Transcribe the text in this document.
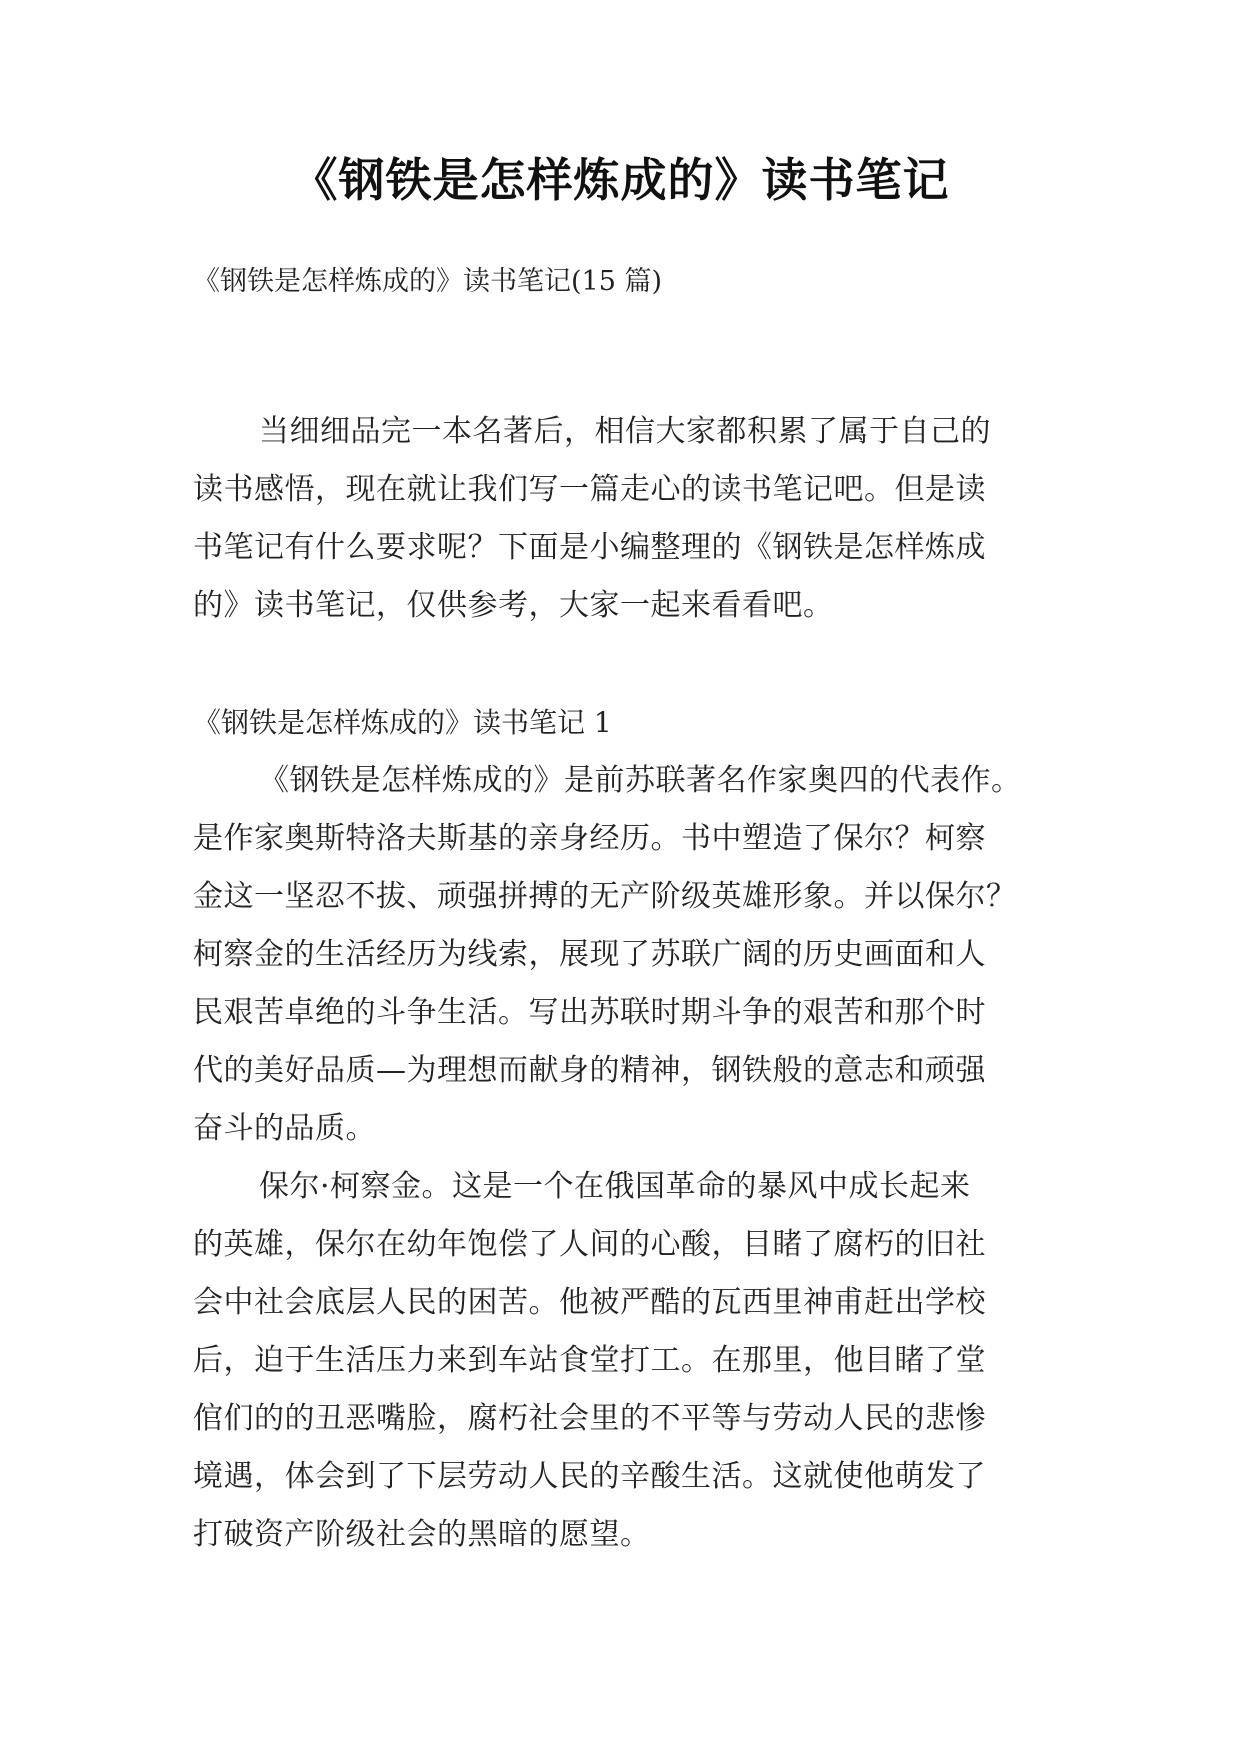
《钢铁是怎样炼成的》读书笔记
《钢铁是怎样炼成的》读书笔记(15 篇)
当细细品完一本名著后，相信大家都积累了属于自己的
读书感悟，现在就让我们写一篇走心的读书笔记吧。但是读
书笔记有什么要求呢？下面是小编整理的《钢铁是怎样炼成
的》读书笔记，仅供参考，大家一起来看看吧。
《钢铁是怎样炼成的》读书笔记 1
《钢铁是怎样炼成的》是前苏联著名作家奥四的代表作。
是作家奥斯特洛夫斯基的亲身经历。书中塑造了保尔？柯察
金这一坚忍不拔、顽强拼搏的无产阶级英雄形象。并以保尔？
柯察金的生活经历为线索，展现了苏联广阔的历史画面和人
民艰苦卓绝的斗争生活。写出苏联时期斗争的艰苦和那个时
代的美好品质—为理想而献身的精神，钢铁般的意志和顽强
奋斗的品质。
保尔·柯察金。这是一个在俄国革命的暴风中成长起来
的英雄，保尔在幼年饱偿了人间的心酸，目睹了腐朽的旧社
会中社会底层人民的困苦。他被严酷的瓦西里神甫赶出学校
后，迫于生活压力来到车站食堂打工。在那里，他目睹了堂
倌们的的丑恶嘴脸，腐朽社会里的不平等与劳动人民的悲惨
境遇，体会到了下层劳动人民的辛酸生活。这就使他萌发了
打破资产阶级社会的黑暗的愿望。
